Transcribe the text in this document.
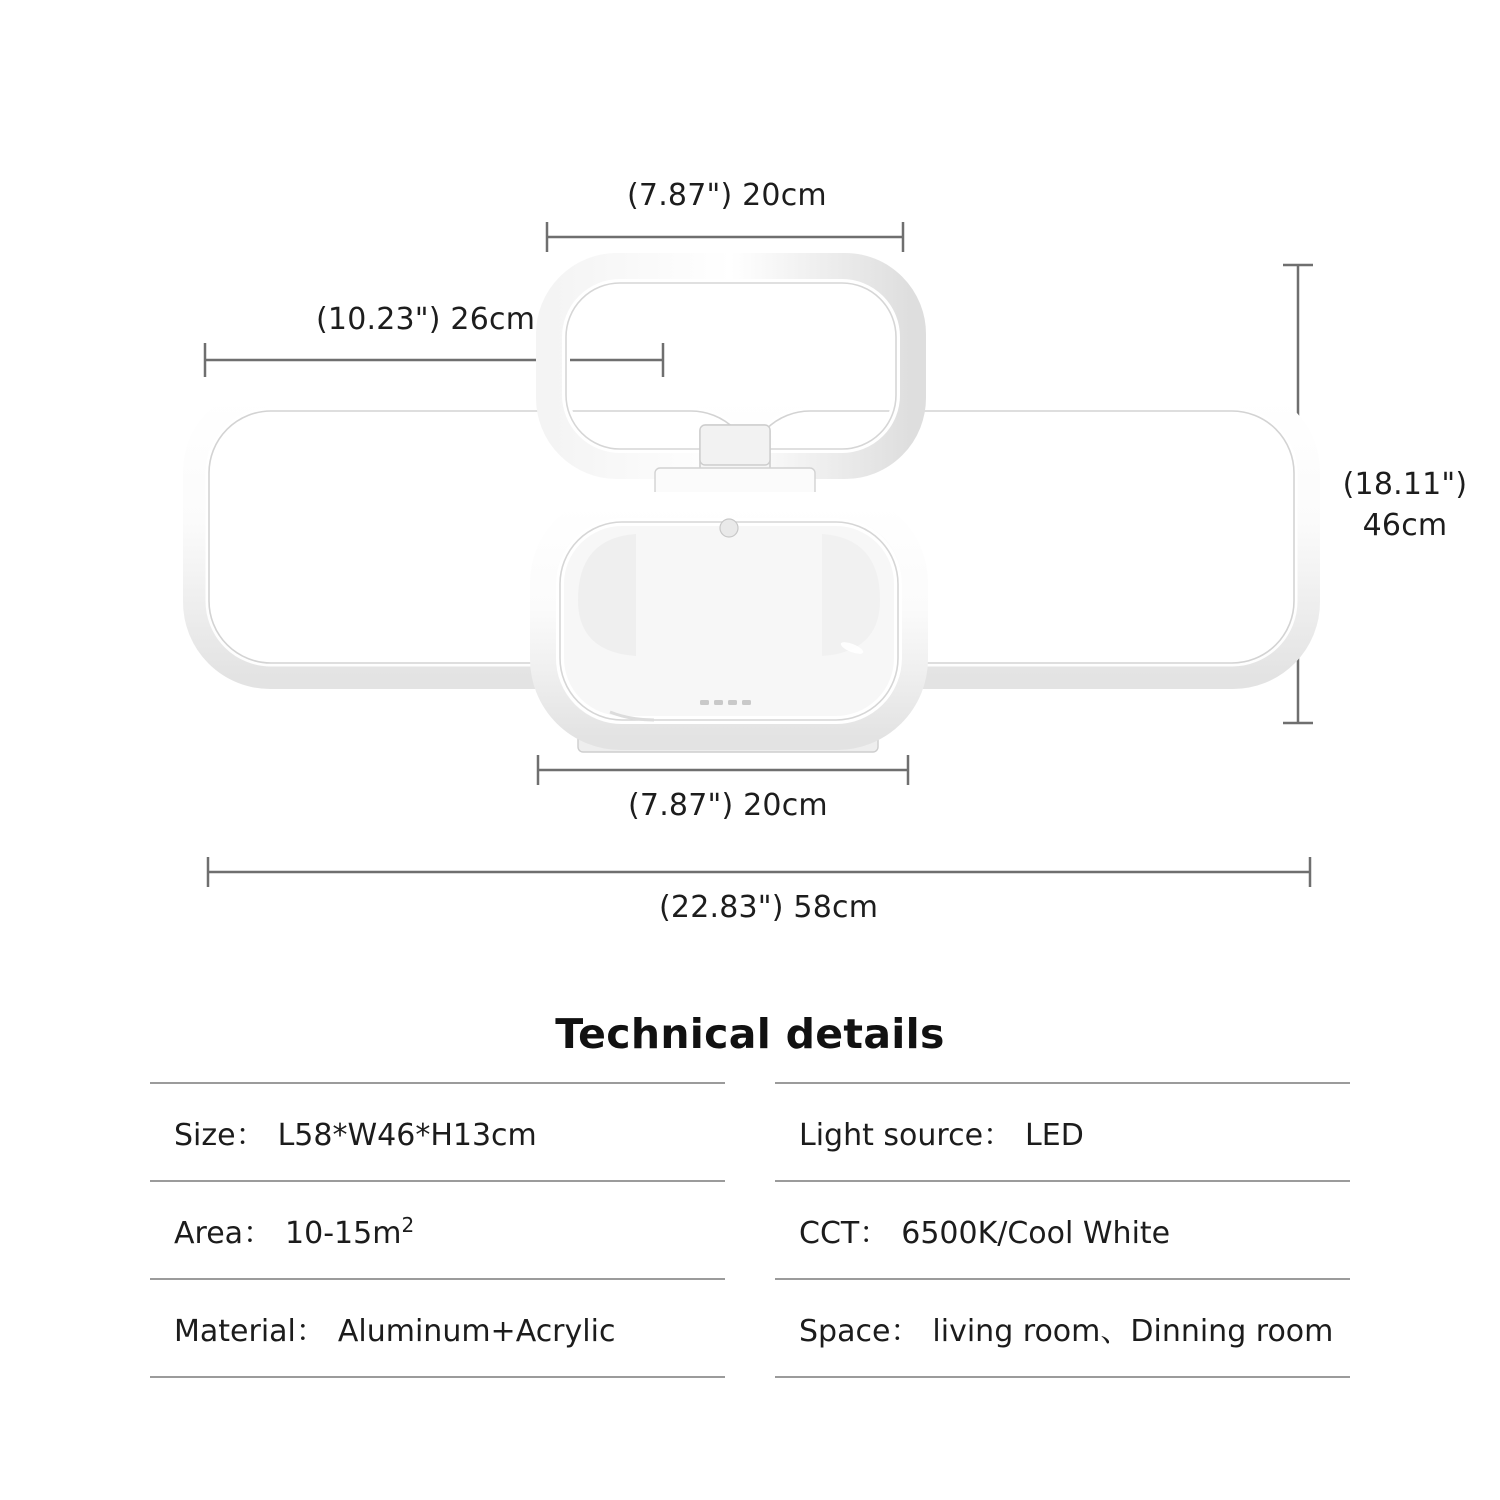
(7.87") 20cm
(10.23") 26cm
(18.11")
46cm
(7.87") 20cm
(22.83") 58cm
Technical details
Size： L58*W46*H13cm
Area： $10-15m^2$
Material： Aluminum+Acrylic
Light source： LED
CCT： 6500K/Cool White
Space： living room、Dinning room
